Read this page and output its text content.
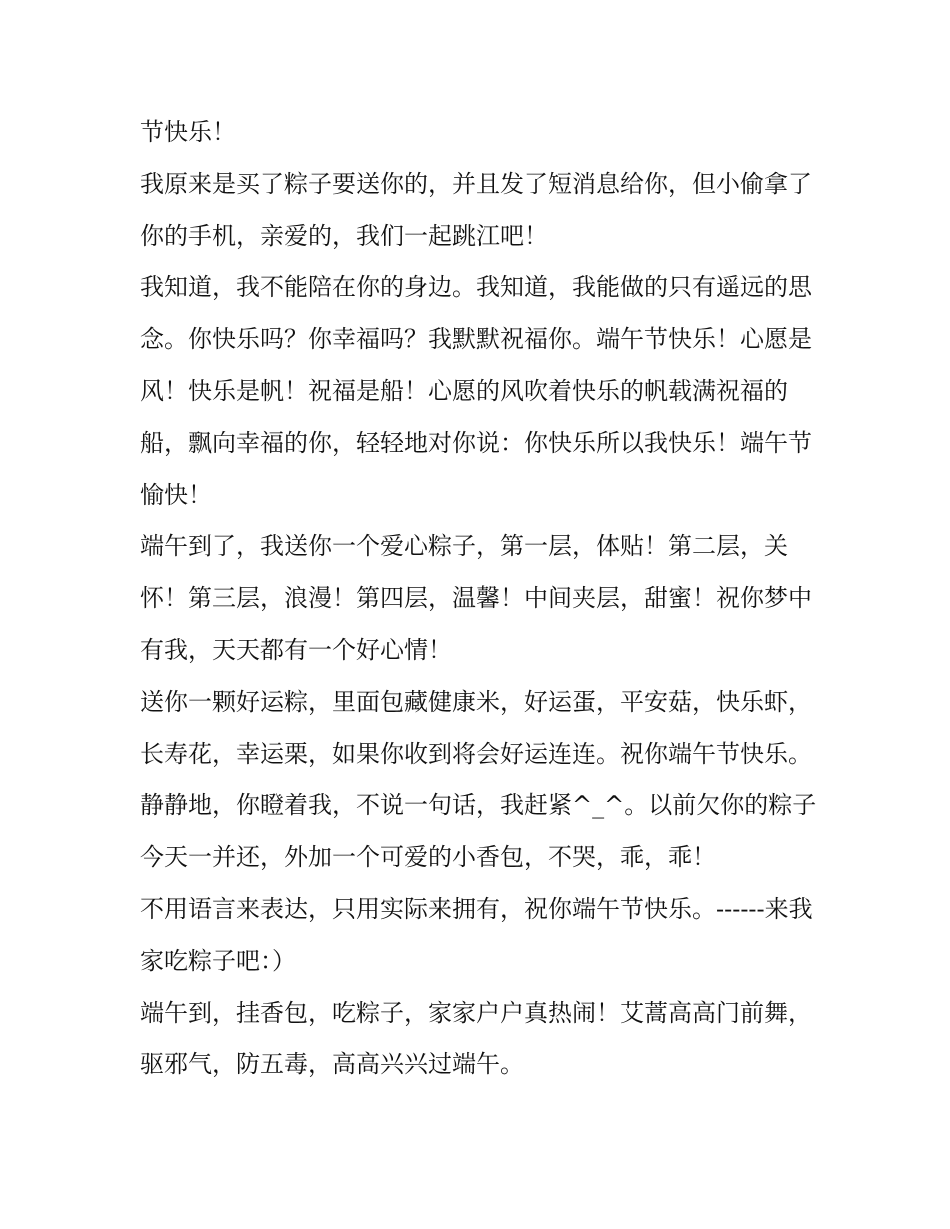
节快乐！

我原来是买了粽子要送你的，并且发了短消息给你，但小偷拿了你的手机，亲爱的，我们一起跳江吧！

我知道，我不能陪在你的身边。我知道，我能做的只有遥远的思念。你快乐吗？你幸福吗？我默默祝福你。端午节快乐！心愿是风！快乐是帆！祝福是船！心愿的风吹着快乐的帆载满祝福的船，飘向幸福的你，轻轻地对你说：你快乐所以我快乐！端午节愉快！

端午到了，我送你一个爱心粽子，第一层，体贴！第二层，关怀！第三层，浪漫！第四层，温馨！中间夹层，甜蜜！祝你梦中有我，天天都有一个好心情！

送你一颗好运粽，里面包藏健康米，好运蛋，平安菇，快乐虾，长寿花，幸运栗，如果你收到将会好运连连。祝你端午节快乐。

静静地，你瞪着我，不说一句话，我赶紧^_^。以前欠你的粽子今天一并还，外加一个可爱的小香包，不哭，乖，乖！

不用语言来表达，只用实际来拥有，祝你端午节快乐。------来我家吃粽子吧：）

端午到，挂香包，吃粽子，家家户户真热闹！艾蒿高高门前舞，驱邪气，防五毒，高高兴兴过端午。
